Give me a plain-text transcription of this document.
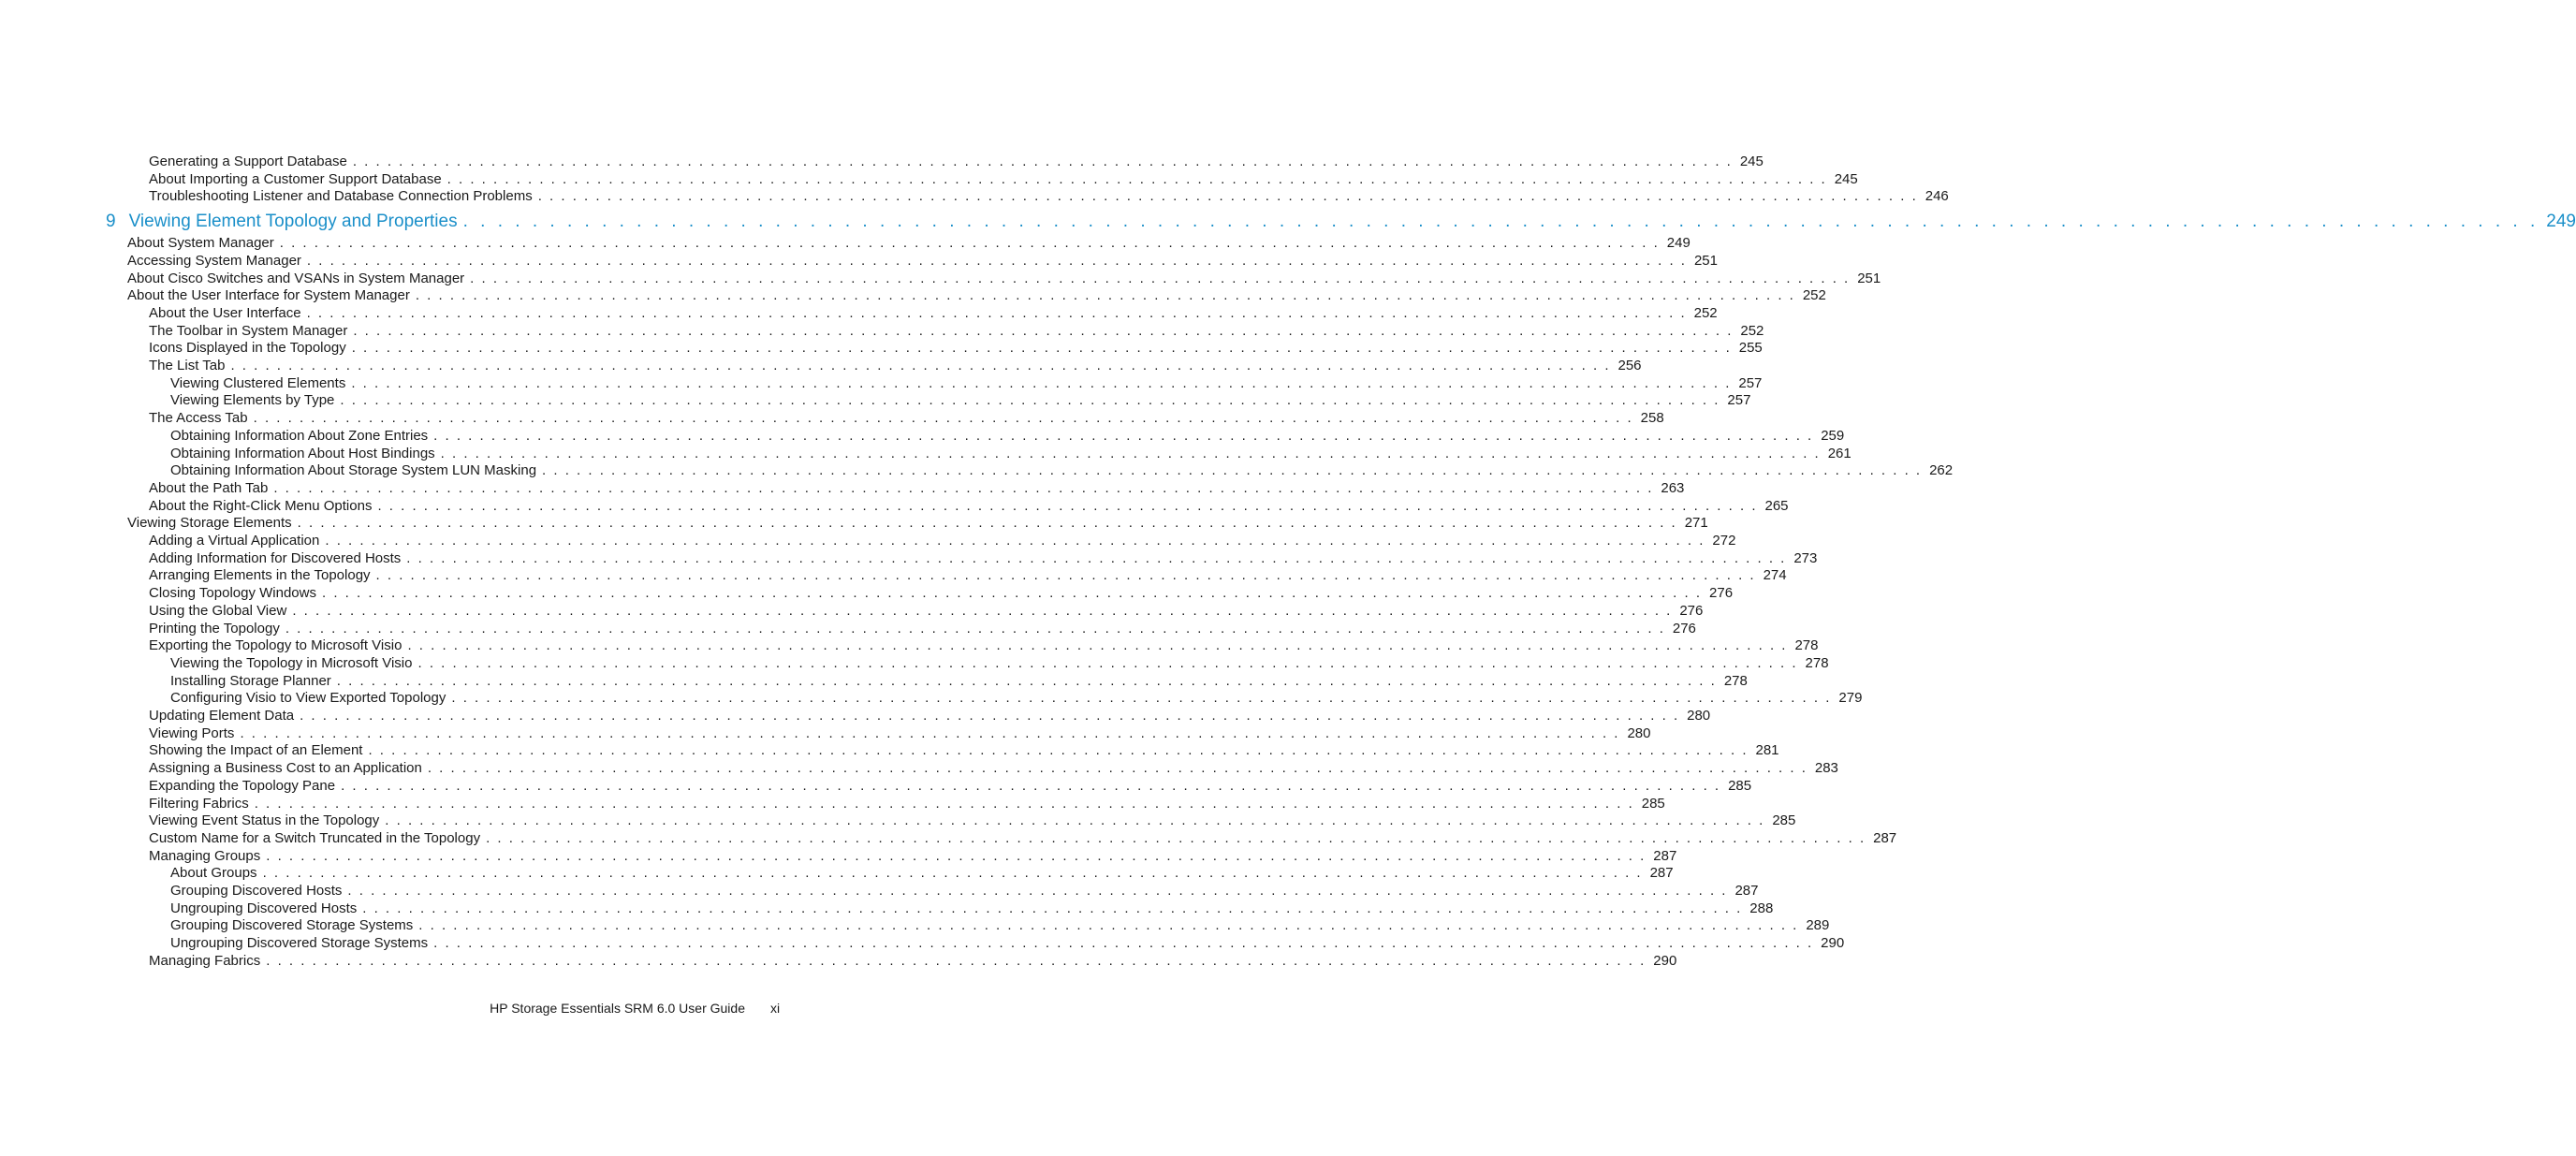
Generating a Support Database . . . . . . . . . . . . . . . . . . . . . . . . . . . . . . . . . . . . . . . . . . . . . . . . . . . . . . . . . . . . . . . . . . . . . . . . . . . . . . . . . . . . . . . . . . . . . . . . . . . . . . . . . . . . . . . . . . . . . . . . 245
About Importing a Customer Support Database . . . . . . . . . . . . . . . . . . . . . . . . . . . . . . . . . . . . . . . . . . . . . . . . . . . . . . . . . . . . . . . . . . . . . . . . . . . . . . . . . . . . . . . . . . . . . . . . . . . . . . . . . . . . . . . . . . . . . . . . 245
Troubleshooting Listener and Database Connection Problems . . . . . . . . . . . . . . . . . . . . . . . . . . . . . . . . . . . . . . . . . . . . . . . . . . . . . . . . . . . . . . . . . . . . . . . . . . . . . . . . . . . . . . . . . . . . . . . . . . . . . . . . . . . . . . . . . . . . . . . . 246
9 Viewing Element Topology and Properties . . . . . . . . . . . . . . . . . . . . . . . . . . . . . . . . . . . . . . . . . . . . . . . . . . . . . . . . . . . . . . . . . . . . . . . . . . . . . . . . . . . . . . . . . . . . . . . . . . . . . . . . . . . . . . . . . . . . . . . . 249
About System Manager . . . . . . . . . . . . . . . . . . . . . . . . . . . . . . . . . . . . . . . . . . . . . . . . . . . . . . . . . . . . . . . . . . . . . . . . . . . . . . . . . . . . . . . . . . . . . . . . . . . . . . . . . . . . . . . . . . . . . . . . 249
Accessing System Manager . . . . . . . . . . . . . . . . . . . . . . . . . . . . . . . . . . . . . . . . . . . . . . . . . . . . . . . . . . . . . . . . . . . . . . . . . . . . . . . . . . . . . . . . . . . . . . . . . . . . . . . . . . . . . . . . . . . . . . . . 251
About Cisco Switches and VSANs in System Manager . . . . . . . . . . . . . . . . . . . . . . . . . . . . . . . . . . . . . . . . . . . . . . . . . . . . . . . . . . . . . . . . . . . . . . . . . . . . . . . . . . . . . . . . . . . . . . . . . . . . . . . . . . . . . . . . . . . . . . . . 251
About the User Interface for System Manager . . . . . . . . . . . . . . . . . . . . . . . . . . . . . . . . . . . . . . . . . . . . . . . . . . . . . . . . . . . . . . . . . . . . . . . . . . . . . . . . . . . . . . . . . . . . . . . . . . . . . . . . . . . . . . . . . . . . . . . . 252
About the User Interface . . . . . . . . . . . . . . . . . . . . . . . . . . . . . . . . . . . . . . . . . . . . . . . . . . . . . . . . . . . . . . . . . . . . . . . . . . . . . . . . . . . . . . . . . . . . . . . . . . . . . . . . . . . . . . . . . . . . . . . . 252
The Toolbar in System Manager . . . . . . . . . . . . . . . . . . . . . . . . . . . . . . . . . . . . . . . . . . . . . . . . . . . . . . . . . . . . . . . . . . . . . . . . . . . . . . . . . . . . . . . . . . . . . . . . . . . . . . . . . . . . . . . . . . . . . . . . 252
Icons Displayed in the Topology . . . . . . . . . . . . . . . . . . . . . . . . . . . . . . . . . . . . . . . . . . . . . . . . . . . . . . . . . . . . . . . . . . . . . . . . . . . . . . . . . . . . . . . . . . . . . . . . . . . . . . . . . . . . . . . . . . . . . . . . 255
The List Tab . . . . . . . . . . . . . . . . . . . . . . . . . . . . . . . . . . . . . . . . . . . . . . . . . . . . . . . . . . . . . . . . . . . . . . . . . . . . . . . . . . . . . . . . . . . . . . . . . . . . . . . . . . . . . . . . . . . . . . . . 256
Viewing Clustered Elements . . . . . . . . . . . . . . . . . . . . . . . . . . . . . . . . . . . . . . . . . . . . . . . . . . . . . . . . . . . . . . . . . . . . . . . . . . . . . . . . . . . . . . . . . . . . . . . . . . . . . . . . . . . . . . . . . . . . . . . . 257
Viewing Elements by Type . . . . . . . . . . . . . . . . . . . . . . . . . . . . . . . . . . . . . . . . . . . . . . . . . . . . . . . . . . . . . . . . . . . . . . . . . . . . . . . . . . . . . . . . . . . . . . . . . . . . . . . . . . . . . . . . . . . . . . . . 257
The Access Tab . . . . . . . . . . . . . . . . . . . . . . . . . . . . . . . . . . . . . . . . . . . . . . . . . . . . . . . . . . . . . . . . . . . . . . . . . . . . . . . . . . . . . . . . . . . . . . . . . . . . . . . . . . . . . . . . . . . . . . . . 258
Obtaining Information About Zone Entries . . . . . . . . . . . . . . . . . . . . . . . . . . . . . . . . . . . . . . . . . . . . . . . . . . . . . . . . . . . . . . . . . . . . . . . . . . . . . . . . . . . . . . . . . . . . . . . . . . . . . . . . . . . . . . . . . . . . . . . . 259
Obtaining Information About Host Bindings . . . . . . . . . . . . . . . . . . . . . . . . . . . . . . . . . . . . . . . . . . . . . . . . . . . . . . . . . . . . . . . . . . . . . . . . . . . . . . . . . . . . . . . . . . . . . . . . . . . . . . . . . . . . . . . . . . . . . . . . 261
Obtaining Information About Storage System LUN Masking . . . . . . . . . . . . . . . . . . . . . . . . . . . . . . . . . . . . . . . . . . . . . . . . . . . . . . . . . . . . . . . . . . . . . . . . . . . . . . . . . . . . . . . . . . . . . . . . . . . . . . . . . . . . . . . . . . . . . . . . 262
About the Path Tab . . . . . . . . . . . . . . . . . . . . . . . . . . . . . . . . . . . . . . . . . . . . . . . . . . . . . . . . . . . . . . . . . . . . . . . . . . . . . . . . . . . . . . . . . . . . . . . . . . . . . . . . . . . . . . . . . . . . . . . . 263
About the Right-Click Menu Options . . . . . . . . . . . . . . . . . . . . . . . . . . . . . . . . . . . . . . . . . . . . . . . . . . . . . . . . . . . . . . . . . . . . . . . . . . . . . . . . . . . . . . . . . . . . . . . . . . . . . . . . . . . . . . . . . . . . . . . . 265
Viewing Storage Elements . . . . . . . . . . . . . . . . . . . . . . . . . . . . . . . . . . . . . . . . . . . . . . . . . . . . . . . . . . . . . . . . . . . . . . . . . . . . . . . . . . . . . . . . . . . . . . . . . . . . . . . . . . . . . . . . . . . . . . . . 271
Adding a Virtual Application . . . . . . . . . . . . . . . . . . . . . . . . . . . . . . . . . . . . . . . . . . . . . . . . . . . . . . . . . . . . . . . . . . . . . . . . . . . . . . . . . . . . . . . . . . . . . . . . . . . . . . . . . . . . . . . . . . . . . . . . 272
Adding Information for Discovered Hosts . . . . . . . . . . . . . . . . . . . . . . . . . . . . . . . . . . . . . . . . . . . . . . . . . . . . . . . . . . . . . . . . . . . . . . . . . . . . . . . . . . . . . . . . . . . . . . . . . . . . . . . . . . . . . . . . . . . . . . . . 273
Arranging Elements in the Topology . . . . . . . . . . . . . . . . . . . . . . . . . . . . . . . . . . . . . . . . . . . . . . . . . . . . . . . . . . . . . . . . . . . . . . . . . . . . . . . . . . . . . . . . . . . . . . . . . . . . . . . . . . . . . . . . . . . . . . . . 274
Closing Topology Windows . . . . . . . . . . . . . . . . . . . . . . . . . . . . . . . . . . . . . . . . . . . . . . . . . . . . . . . . . . . . . . . . . . . . . . . . . . . . . . . . . . . . . . . . . . . . . . . . . . . . . . . . . . . . . . . . . . . . . . . . 276
Using the Global View . . . . . . . . . . . . . . . . . . . . . . . . . . . . . . . . . . . . . . . . . . . . . . . . . . . . . . . . . . . . . . . . . . . . . . . . . . . . . . . . . . . . . . . . . . . . . . . . . . . . . . . . . . . . . . . . . . . . . . . . 276
Printing the Topology . . . . . . . . . . . . . . . . . . . . . . . . . . . . . . . . . . . . . . . . . . . . . . . . . . . . . . . . . . . . . . . . . . . . . . . . . . . . . . . . . . . . . . . . . . . . . . . . . . . . . . . . . . . . . . . . . . . . . . . . 276
Exporting the Topology to Microsoft Visio . . . . . . . . . . . . . . . . . . . . . . . . . . . . . . . . . . . . . . . . . . . . . . . . . . . . . . . . . . . . . . . . . . . . . . . . . . . . . . . . . . . . . . . . . . . . . . . . . . . . . . . . . . . . . . . . . . . . . . . . 278
Viewing the Topology in Microsoft Visio . . . . . . . . . . . . . . . . . . . . . . . . . . . . . . . . . . . . . . . . . . . . . . . . . . . . . . . . . . . . . . . . . . . . . . . . . . . . . . . . . . . . . . . . . . . . . . . . . . . . . . . . . . . . . . . . . . . . . . . . 278
Installing Storage Planner . . . . . . . . . . . . . . . . . . . . . . . . . . . . . . . . . . . . . . . . . . . . . . . . . . . . . . . . . . . . . . . . . . . . . . . . . . . . . . . . . . . . . . . . . . . . . . . . . . . . . . . . . . . . . . . . . . . . . . . . 278
Configuring Visio to View Exported Topology . . . . . . . . . . . . . . . . . . . . . . . . . . . . . . . . . . . . . . . . . . . . . . . . . . . . . . . . . . . . . . . . . . . . . . . . . . . . . . . . . . . . . . . . . . . . . . . . . . . . . . . . . . . . . . . . . . . . . . . . 279
Updating Element Data . . . . . . . . . . . . . . . . . . . . . . . . . . . . . . . . . . . . . . . . . . . . . . . . . . . . . . . . . . . . . . . . . . . . . . . . . . . . . . . . . . . . . . . . . . . . . . . . . . . . . . . . . . . . . . . . . . . . . . . . 280
Viewing Ports . . . . . . . . . . . . . . . . . . . . . . . . . . . . . . . . . . . . . . . . . . . . . . . . . . . . . . . . . . . . . . . . . . . . . . . . . . . . . . . . . . . . . . . . . . . . . . . . . . . . . . . . . . . . . . . . . . . . . . . . 280
Showing the Impact of an Element . . . . . . . . . . . . . . . . . . . . . . . . . . . . . . . . . . . . . . . . . . . . . . . . . . . . . . . . . . . . . . . . . . . . . . . . . . . . . . . . . . . . . . . . . . . . . . . . . . . . . . . . . . . . . . . . . . . . . . . . 281
Assigning a Business Cost to an Application . . . . . . . . . . . . . . . . . . . . . . . . . . . . . . . . . . . . . . . . . . . . . . . . . . . . . . . . . . . . . . . . . . . . . . . . . . . . . . . . . . . . . . . . . . . . . . . . . . . . . . . . . . . . . . . . . . . . . . . . 283
Expanding the Topology Pane . . . . . . . . . . . . . . . . . . . . . . . . . . . . . . . . . . . . . . . . . . . . . . . . . . . . . . . . . . . . . . . . . . . . . . . . . . . . . . . . . . . . . . . . . . . . . . . . . . . . . . . . . . . . . . . . . . . . . . . . 285
Filtering Fabrics . . . . . . . . . . . . . . . . . . . . . . . . . . . . . . . . . . . . . . . . . . . . . . . . . . . . . . . . . . . . . . . . . . . . . . . . . . . . . . . . . . . . . . . . . . . . . . . . . . . . . . . . . . . . . . . . . . . . . . . . 285
Viewing Event Status in the Topology . . . . . . . . . . . . . . . . . . . . . . . . . . . . . . . . . . . . . . . . . . . . . . . . . . . . . . . . . . . . . . . . . . . . . . . . . . . . . . . . . . . . . . . . . . . . . . . . . . . . . . . . . . . . . . . . . . . . . . . . 285
Custom Name for a Switch Truncated in the Topology . . . . . . . . . . . . . . . . . . . . . . . . . . . . . . . . . . . . . . . . . . . . . . . . . . . . . . . . . . . . . . . . . . . . . . . . . . . . . . . . . . . . . . . . . . . . . . . . . . . . . . . . . . . . . . . . . . . . . . . . 287
Managing Groups . . . . . . . . . . . . . . . . . . . . . . . . . . . . . . . . . . . . . . . . . . . . . . . . . . . . . . . . . . . . . . . . . . . . . . . . . . . . . . . . . . . . . . . . . . . . . . . . . . . . . . . . . . . . . . . . . . . . . . . . 287
About Groups . . . . . . . . . . . . . . . . . . . . . . . . . . . . . . . . . . . . . . . . . . . . . . . . . . . . . . . . . . . . . . . . . . . . . . . . . . . . . . . . . . . . . . . . . . . . . . . . . . . . . . . . . . . . . . . . . . . . . . . . 287
Grouping Discovered Hosts . . . . . . . . . . . . . . . . . . . . . . . . . . . . . . . . . . . . . . . . . . . . . . . . . . . . . . . . . . . . . . . . . . . . . . . . . . . . . . . . . . . . . . . . . . . . . . . . . . . . . . . . . . . . . . . . . . . . . . . . 287
Ungrouping Discovered Hosts . . . . . . . . . . . . . . . . . . . . . . . . . . . . . . . . . . . . . . . . . . . . . . . . . . . . . . . . . . . . . . . . . . . . . . . . . . . . . . . . . . . . . . . . . . . . . . . . . . . . . . . . . . . . . . . . . . . . . . . . 288
Grouping Discovered Storage Systems . . . . . . . . . . . . . . . . . . . . . . . . . . . . . . . . . . . . . . . . . . . . . . . . . . . . . . . . . . . . . . . . . . . . . . . . . . . . . . . . . . . . . . . . . . . . . . . . . . . . . . . . . . . . . . . . . . . . . . . . 289
Ungrouping Discovered Storage Systems . . . . . . . . . . . . . . . . . . . . . . . . . . . . . . . . . . . . . . . . . . . . . . . . . . . . . . . . . . . . . . . . . . . . . . . . . . . . . . . . . . . . . . . . . . . . . . . . . . . . . . . . . . . . . . . . . . . . . . . . 290
Managing Fabrics . . . . . . . . . . . . . . . . . . . . . . . . . . . . . . . . . . . . . . . . . . . . . . . . . . . . . . . . . . . . . . . . . . . . . . . . . . . . . . . . . . . . . . . . . . . . . . . . . . . . . . . . . . . . . . . . . . . . . . . . 290
HP Storage Essentials SRM 6.0 User Guide xi
